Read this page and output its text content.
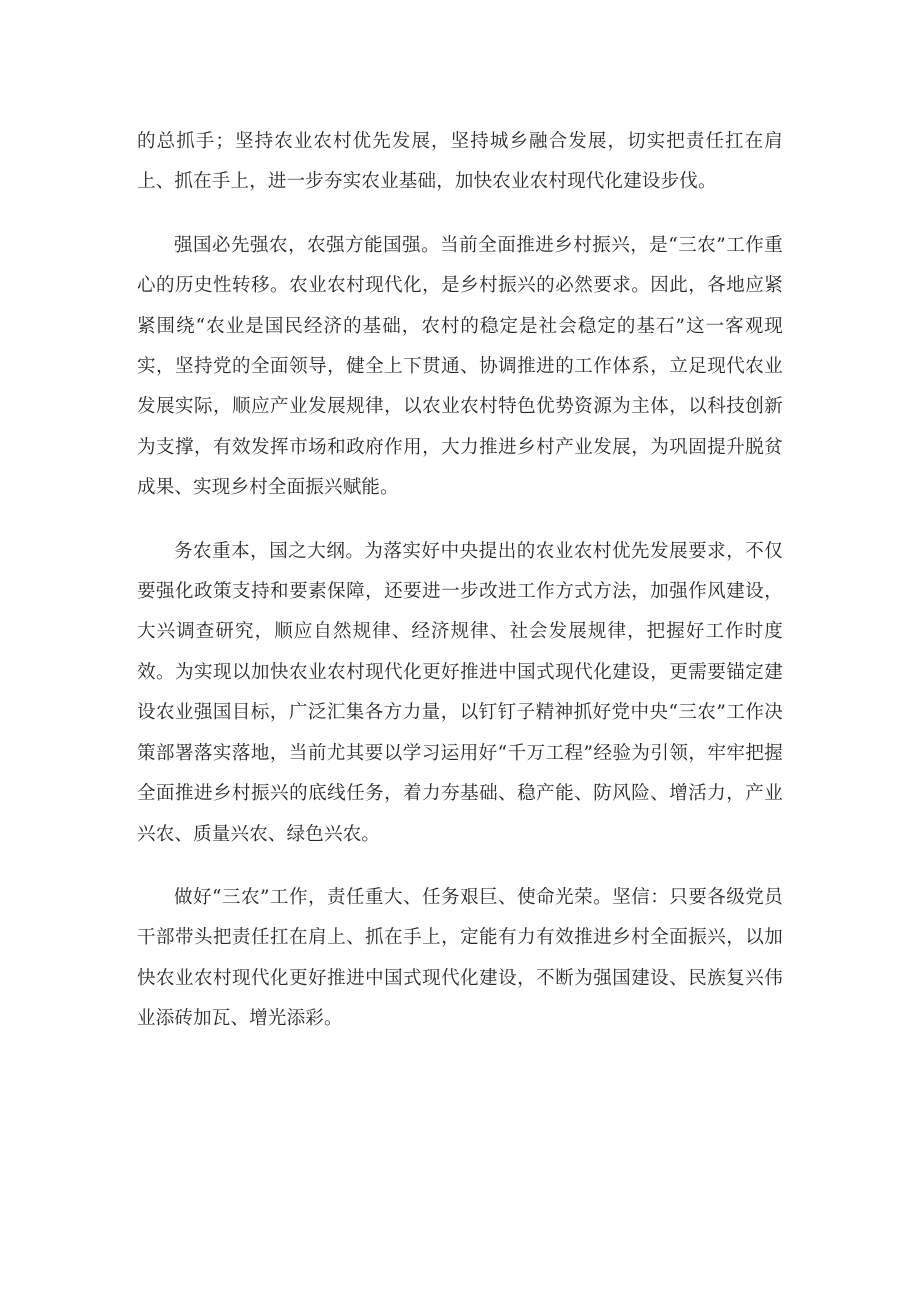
的总抓手；坚持农业农村优先发展，坚持城乡融合发展，切实把责任扛在肩上、抓在手上，进一步夯实农业基础，加快农业农村现代化建设步伐。

强国必先强农，农强方能国强。当前全面推进乡村振兴，是“三农”工作重心的历史性转移。农业农村现代化，是乡村振兴的必然要求。因此，各地应紧紧围绕“农业是国民经济的基础，农村的稳定是社会稳定的基石”这一客观现实，坚持党的全面领导，健全上下贯通、协调推进的工作体系，立足现代农业发展实际，顺应产业发展规律，以农业农村特色优势资源为主体，以科技创新为支撑，有效发挥市场和政府作用，大力推进乡村产业发展，为巩固提升脱贫成果、实现乡村全面振兴赋能。

务农重本，国之大纲。为落实好中央提出的农业农村优先发展要求，不仅要强化政策支持和要素保障，还要进一步改进工作方式方法，加强作风建设，大兴调查研究，顺应自然规律、经济规律、社会发展规律，把握好工作时度效。为实现以加快农业农村现代化更好推进中国式现代化建设，更需要锚定建设农业强国目标，广泛汇集各方力量，以钉钉子精神抓好党中央“三农”工作决策部署落实落地，当前尤其要以学习运用好“千万工程”经验为引领，牢牢把握全面推进乡村振兴的底线任务，着力夯基础、稳产能、防风险、增活力，产业兴农、质量兴农、绿色兴农。

做好“三农”工作，责任重大、任务艰巨、使命光荣。坚信：只要各级党员干部带头把责任扛在肩上、抓在手上，定能有力有效推进乡村全面振兴，以加快农业农村现代化更好推进中国式现代化建设，不断为强国建设、民族复兴伟业添砖加瓦、增光添彩。
